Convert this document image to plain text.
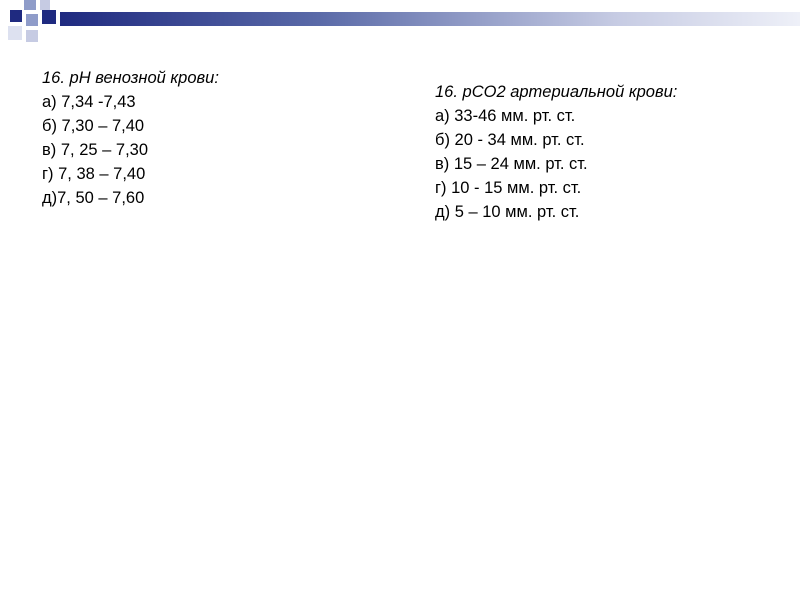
16. pH венозной крови:
а) 7,34 -7,43
б) 7,30 – 7,40
в) 7, 25 – 7,30
г) 7, 38 – 7,40
д)7, 50 – 7,60
16. pCO2 артериальной крови:
а) 33-46 мм. рт. ст.
б) 20 - 34 мм. рт. ст.
в) 15 – 24 мм. рт. ст.
г) 10 - 15 мм. рт. ст.
д) 5 – 10 мм. рт. ст.
